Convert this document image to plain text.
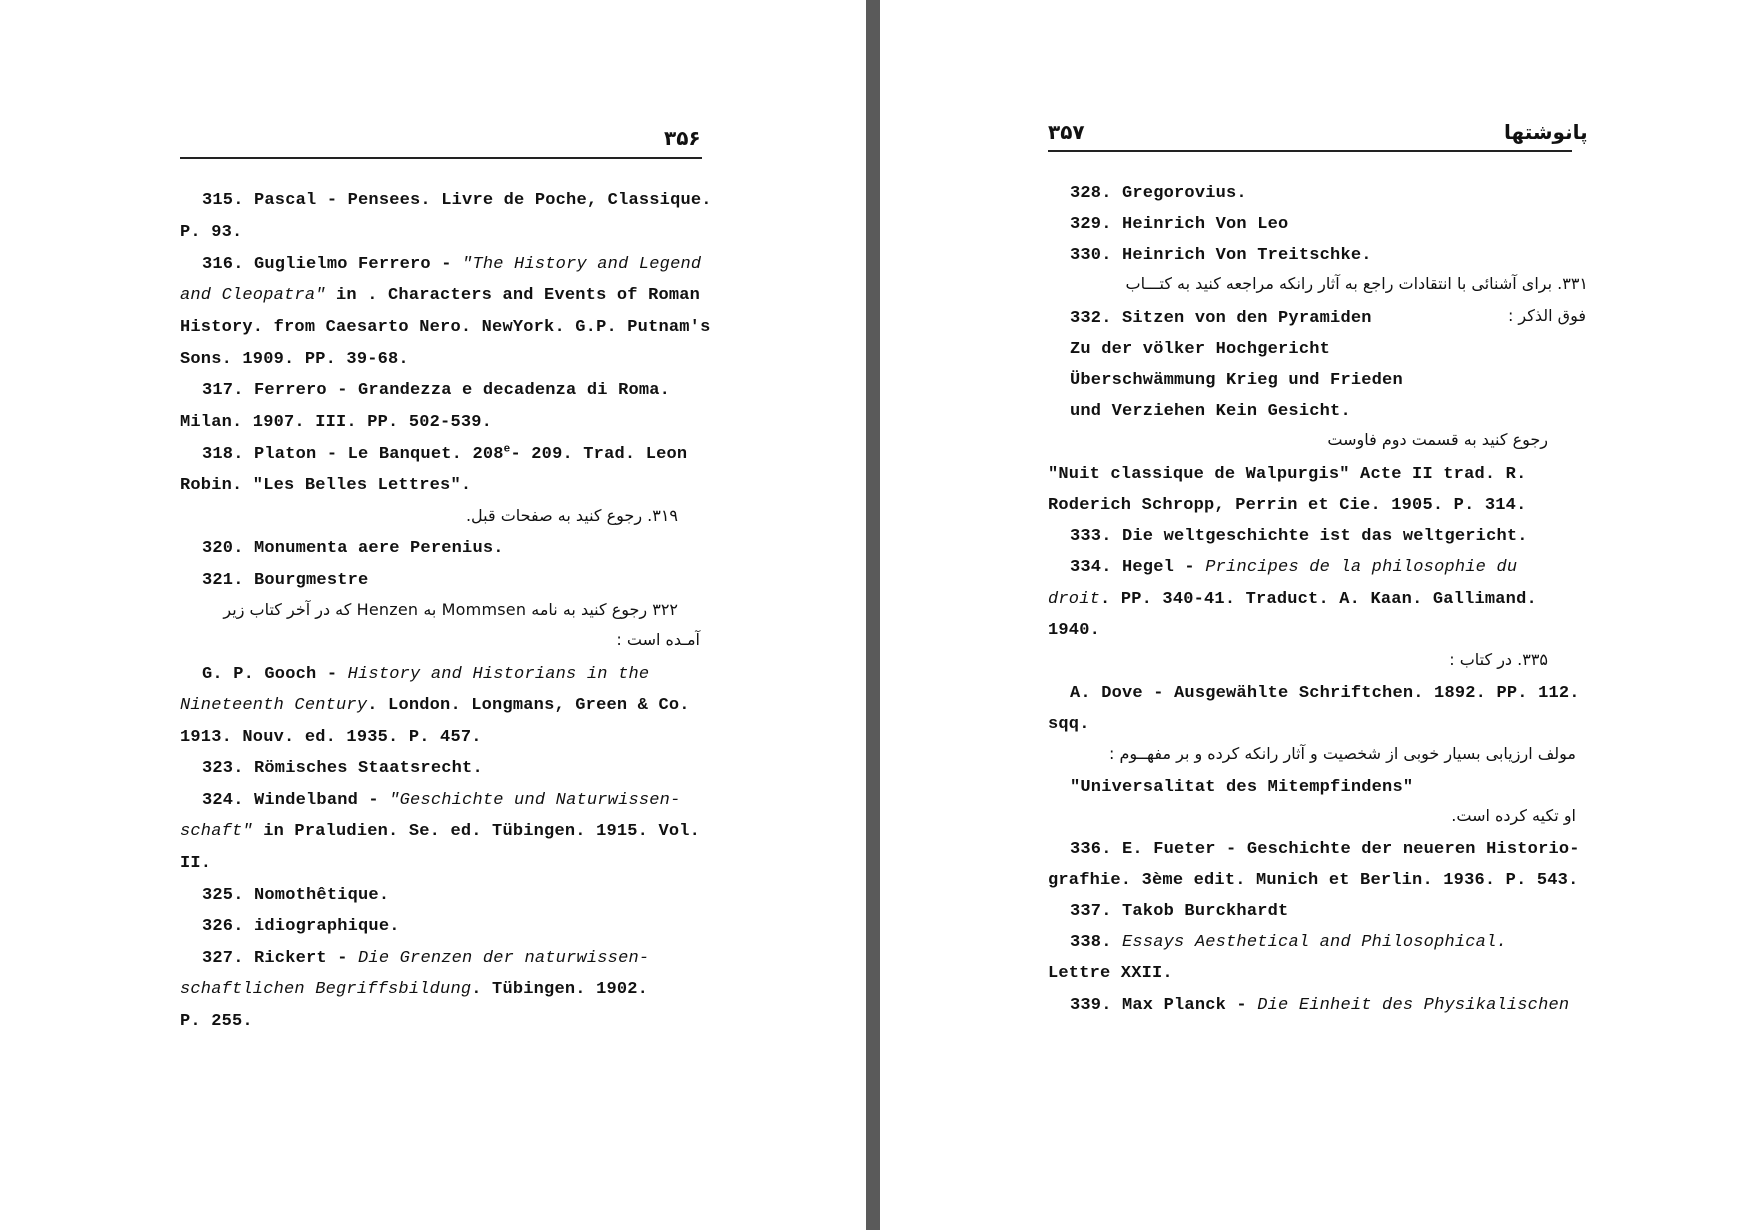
۳۵۶
315. Pascal - Pensees. Livre de Poche, Classique.
P. 93.
316. Guglielmo Ferrero - "The History and Legend
and Cleopatra" in . Characters and Events of Roman
History. from Caesarto Nero. NewYork. G.P. Putnam's
Sons. 1909. PP. 39-68.
317. Ferrero - Grandezza e decadenza di Roma.
Milan. 1907. III. PP. 502-539.
318. Platon - Le Banquet. 208e- 209. Trad. Leon
Robin. "Les Belles Lettres".
۳۱۹. رجوع کنید به صفحات قبل.
320. Monumenta aere Perenius.
321. Bourgmestre
۳۲۲ رجوع کنید به نامه Mommsen به Henzen که در آخر کتاب زیر
آمـده است :
G. P. Gooch - History and Historians in the
Nineteenth Century. London. Longmans, Green & Co.
1913. Nouv. ed. 1935. P. 457.
323. Römisches Staatsrecht.
324. Windelband - "Geschichte und Naturwissen-
schaft" in Praludien. Se. ed. Tübingen. 1915. Vol.
II.
325. Nomothêtique.
326. idiographique.
327. Rickert - Die Grenzen der naturwissen-
schaftlichen Begriffsbildung. Tübingen. 1902.
P. 255.
پانوشتها
۳۵۷
328. Gregorovius.
329. Heinrich Von Leo
330. Heinrich Von Treitschke.
۳۳۱. برای آشنائی با انتقادات راجع به آثار رانکه مراجعه کنید به کتـــاب
332. Sitzen von den Pyramiden	فوق الذکر :
Zu der völker Hochgericht
Überschwämmung Krieg und Frieden
und Verziehen Kein Gesicht.
رجوع کنید به قسمت دوم فاوست
"Nuit classique de Walpurgis" Acte II trad. R.
Roderich Schropp, Perrin et Cie. 1905. P. 314.
333. Die weltgeschichte ist das weltgericht.
334. Hegel - Principes de la philosophie du
droit. PP. 340-41. Traduct. A. Kaan. Gallimand.
1940.
۳۳۵. در کتاب :
A. Dove - Ausgewählte Schriftchen. 1892. PP. 112.
sqq.
مولف ارزیابی بسیار خوبی از شخصیت و آثار رانکه کرده و بر مفهــوم :
"Universalitat des Mitempfindens"
او تکیه کرده است.
336. E. Fueter - Geschichte der neueren Historio-
grafhie. 3ème edit. Munich et Berlin. 1936. P. 543.
337. Takob Burckhardt
338. Essays Aesthetical and Philosophical.
Lettre XXII.
339. Max Planck - Die Einheit des Physikalischen
